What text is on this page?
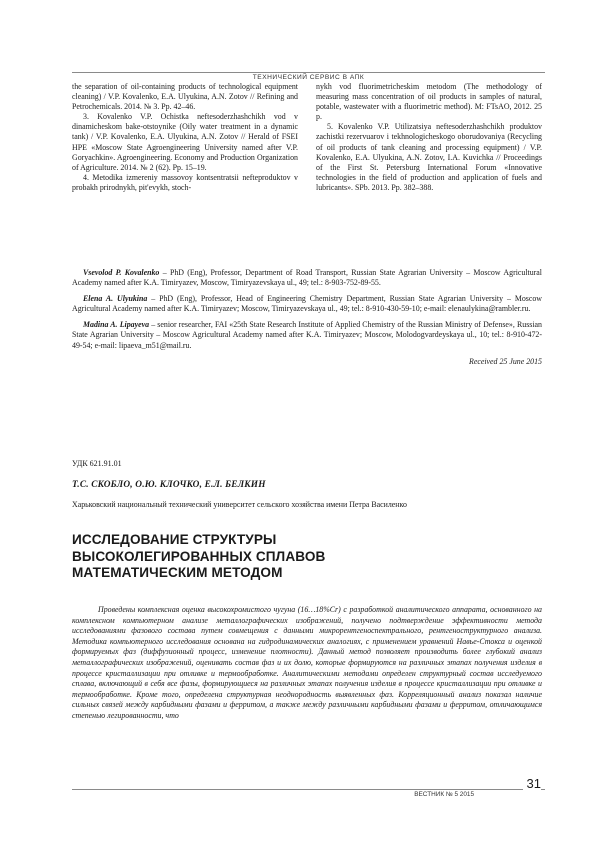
ТЕХНИЧЕСКИЙ СЕРВИС В АПК

the separation of oil-containing products of technological equipment cleaning) / V.P. Kovalenko, E.A. Ulyukina, A.N. Zotov // Refining and Petrochemicals. 2014. № 3. Pp. 42–46.

3. Kovalenko V.P. Ochistka neftesoderzhashchikh vod v dinamicheskom bake-otstoynike (Oily water treatment in a dynamic tank) / V.P. Kovalenko, E.A. Ulyukina, A.N. Zotov // Herald of FSEI HPE «Moscow State Agroengineering University named after V.P. Goryachkin». Agroengineering. Economy and Production Organization of Agriculture. 2014. № 2 (62). Pp. 15–19.

4. Metodika izmereniy massovoy kontsentratsii nefteproduktov v probakh prirodnykh, pit'evykh, stoch-

nykh vod fluorimetricheskim metodom (The methodology of measuring mass concentration of oil products in samples of natural, potable, wastewater with a fluorimetric method). M: FTsAO, 2012. 25 p.

5. Kovalenko V.P. Utilizatsiya neftesoderzhashchikh produktov zachistki rezervuarov i tekhnologicheskogo oborudovaniya (Recycling of oil products of tank cleaning and processing equipment) / V.P. Kovalenko, E.A. Ulyukina, A.N. Zotov, I.A. Kuvichka // Proceedings of the First St. Petersburg International Forum «Innovative technologies in the field of production and application of fuels and lubricants». SPb. 2013. Pp. 382–388.

Vsevolod P. Kovalenko – PhD (Eng), Professor, Department of Road Transport, Russian State Agrarian University – Moscow Agricultural Academy named after K.A. Timiryazev, Moscow, Timiryazevskaya ul., 49; tel.: 8-903-752-89-55.

Elena A. Ulyukina – PhD (Eng), Professor, Head of Engineering Chemistry Department, Russian State Agrarian University – Moscow Agricultural Academy named after K.A. Timiryazev; Moscow, Timiryazevskaya ul., 49; tel.: 8-910-430-59-10; e-mail: elenaulykina@rambler.ru.

Madina A. Lipayeva – senior researcher, FAI «25th State Research Institute of Applied Chemistry of the Russian Ministry of Defense», Russian State Agrarian University – Moscow Agricultural Academy named after K.A. Timiryazev; Moscow, Molodogvardeyskaya ul., 10; tel.: 8-910-472-49-54; e-mail: lipaeva_m51@mail.ru.

Received 25 June 2015
УДК 621.91.01
Т.С. СКОБЛО, О.Ю. КЛОЧКО, Е.Л. БЕЛКИН
Харьковский национальный технический университет сельского хозяйства имени Петра Василенко
ИССЛЕДОВАНИЕ СТРУКТУРЫ
ВЫСОКОЛЕГИРОВАННЫХ СПЛАВОВ
МАТЕМАТИЧЕСКИМ МЕТОДОМ
Проведены комплексная оценка высокохромистого чугуна (16…18%Cr) с разработкой аналитического аппарата, основанного на комплексном компьютерном анализе металлографических изображений, получено подтверждение эффективности метода исследованиями фазового состава путем совмещения с данными микрорентгеноспектрального, рентгеноструктурного анализа. Методика компьютерного исследования основана на гидродинамических аналогиях, с применением уравнений Навье-Стокса и оценкой формируемых фаз (диффузионный процесс, изменение плотности). Данный метод позволяет производить более глубокий анализ металлографических изображений, оценивать состав фаз и их долю, которые формируются на различных этапах получения изделия в процессе кристаллизации при отливке и термообработке. Аналитическими методами определен структурный состав исследуемого сплава, включающий в себя все фазы, формирующиеся на различных этапах получения изделия в процессе кристаллизации при отливке и термообработке. Кроме того, определена структурная неоднородность выявленных фаз. Корреляционный анализ показал наличие сильных связей между карбидными фазами и ферритом, а также между различными карбидными фазами и ферритом, отличающимся степенью легированности, что
ВЕСТНИК № 5 2015
31
